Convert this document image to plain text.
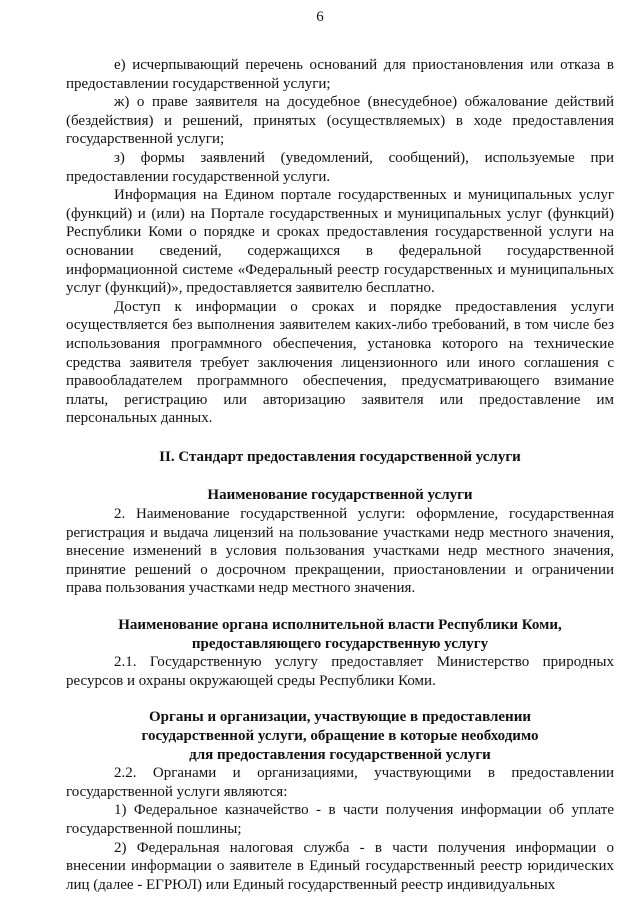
6

е) исчерпывающий перечень оснований для приостановления или отказа в предоставлении государственной услуги;

ж) о праве заявителя на досудебное (внесудебное) обжалование действий (бездействия) и решений, принятых (осуществляемых) в ходе предоставления государственной услуги;

з) формы заявлений (уведомлений, сообщений), используемые при предоставлении государственной услуги.

Информация на Едином портале государственных и муниципальных услуг (функций) и (или) на Портале государственных и муниципальных услуг (функций) Республики Коми о порядке и сроках предоставления государственной услуги на основании сведений, содержащихся в федеральной государственной информационной системе «Федеральный реестр государственных и муниципальных услуг (функций)», предоставляется заявителю бесплатно.

Доступ к информации о сроках и порядке предоставления услуги осуществляется без выполнения заявителем каких-либо требований, в том числе без использования программного обеспечения, установка которого на технические средства заявителя требует заключения лицензионного или иного соглашения с правообладателем программного обеспечения, предусматривающего взимание платы, регистрацию или авторизацию заявителя или предоставление им персональных данных.

II. Стандарт предоставления государственной услуги
Наименование государственной услуги

2. Наименование государственной услуги: оформление, государственная регистрация и выдача лицензий на пользование участками недр местного значения, внесение изменений в условия пользования участками недр местного значения, принятие решений о досрочном прекращении, приостановлении и ограничении права пользования участками недр местного значения.

Наименование органа исполнительной власти Республики Коми,
предоставляющего государственную услугу

2.1. Государственную услугу предоставляет Министерство природных ресурсов и охраны окружающей среды Республики Коми.

Органы и организации, участвующие в предоставлении
государственной услуги, обращение в которые необходимо
для предоставления государственной услуги

2.2. Органами и организациями, участвующими в предоставлении государственной услуги являются:

1) Федеральное казначейство - в части получения информации об уплате государственной пошлины;

2) Федеральная налоговая служба - в части получения информации о внесении информации о заявителе в Единый государственный реестр юридических лиц (далее - ЕГРЮЛ) или Единый государственный реестр индивидуальных
